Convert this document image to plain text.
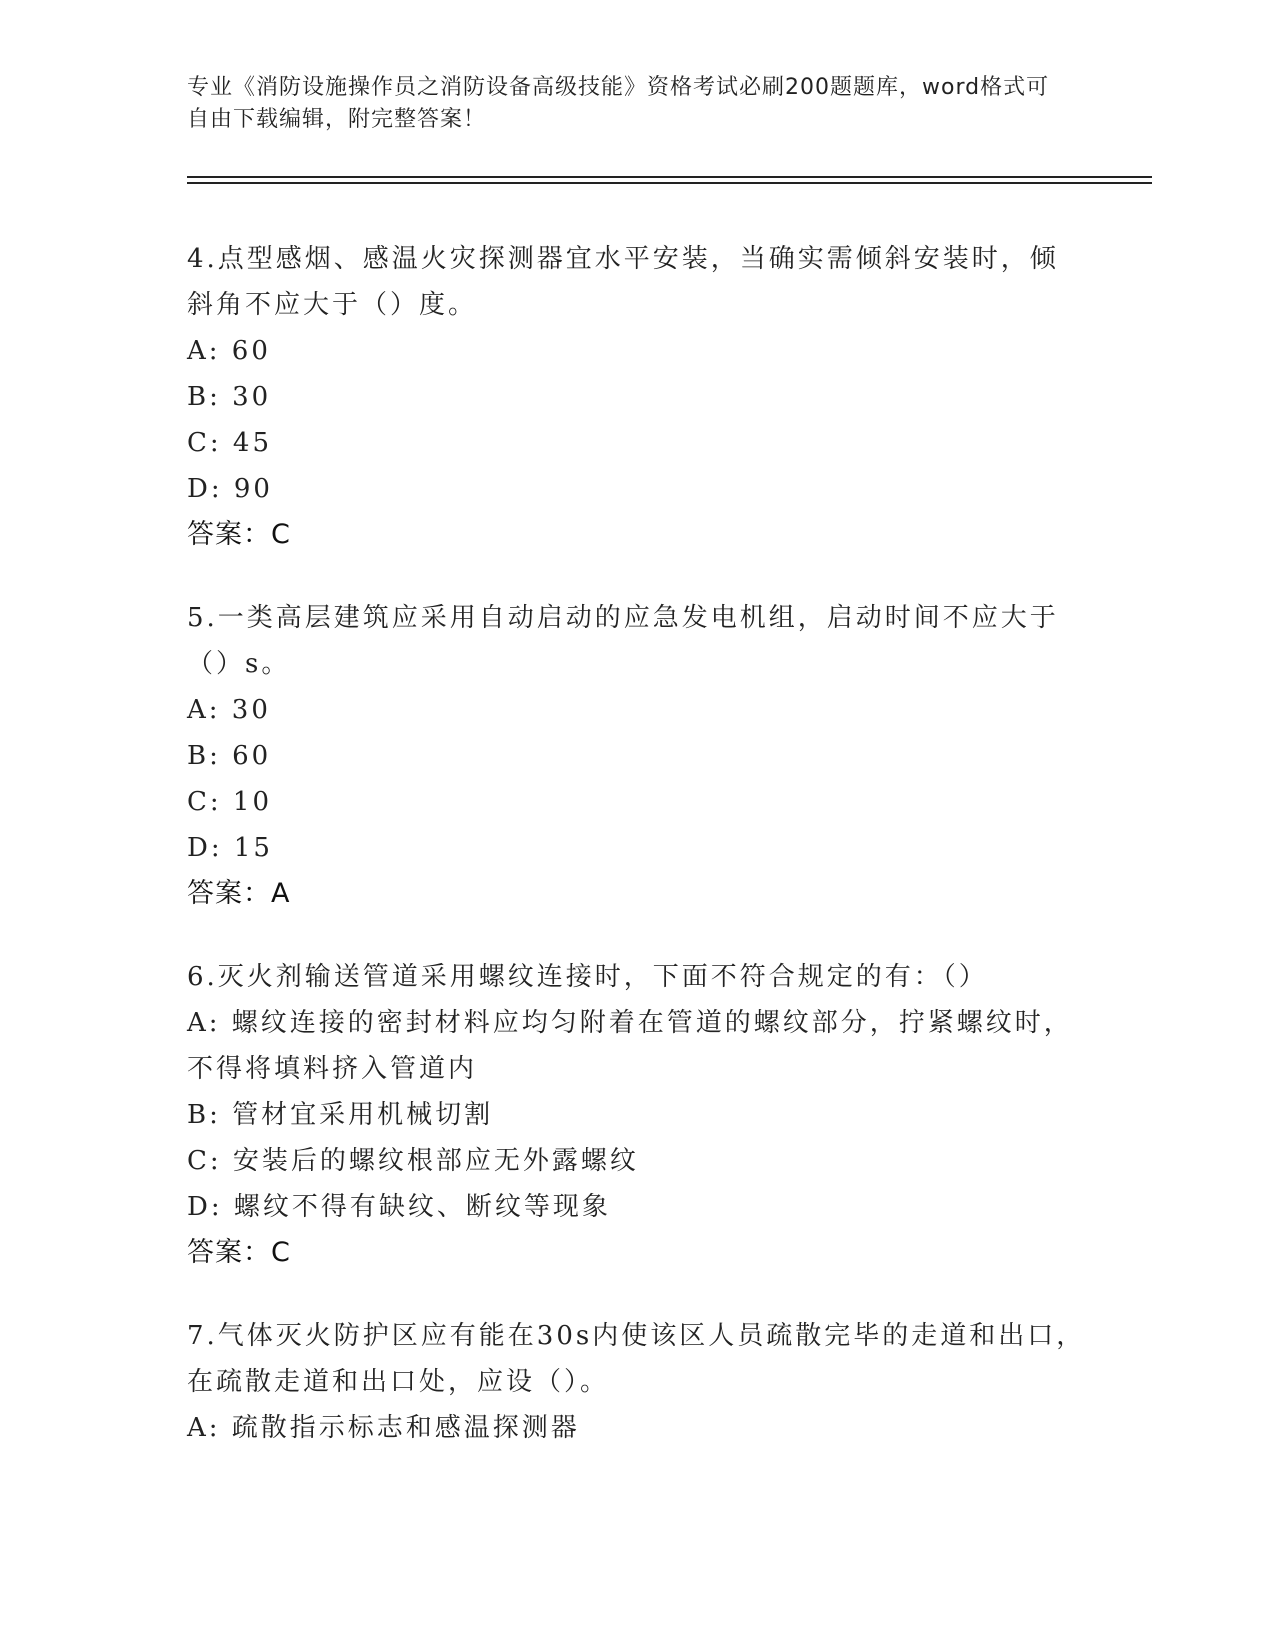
专业《消防设施操作员之消防设备高级技能》资格考试必刷200题题库，word格式可自由下载编辑，附完整答案！
4.点型感烟、感温火灾探测器宜水平安装，当确实需倾斜安装时，倾斜角不应大于（）度。
A: 60
B: 30
C: 45
D: 90
答案：C
5.一类高层建筑应采用自动启动的应急发电机组，启动时间不应大于（）s。
A: 30
B: 60
C: 10
D: 15
答案：A
6.灭火剂输送管道采用螺纹连接时，下面不符合规定的有：（）
A: 螺纹连接的密封材料应均匀附着在管道的螺纹部分，拧紧螺纹时，不得将填料挤入管道内
B: 管材宜采用机械切割
C: 安装后的螺纹根部应无外露螺纹
D: 螺纹不得有缺纹、断纹等现象
答案：C
7.气体灭火防护区应有能在30s内使该区人员疏散完毕的走道和出口，在疏散走道和出口处，应设（）。
A: 疏散指示标志和感温探测器
